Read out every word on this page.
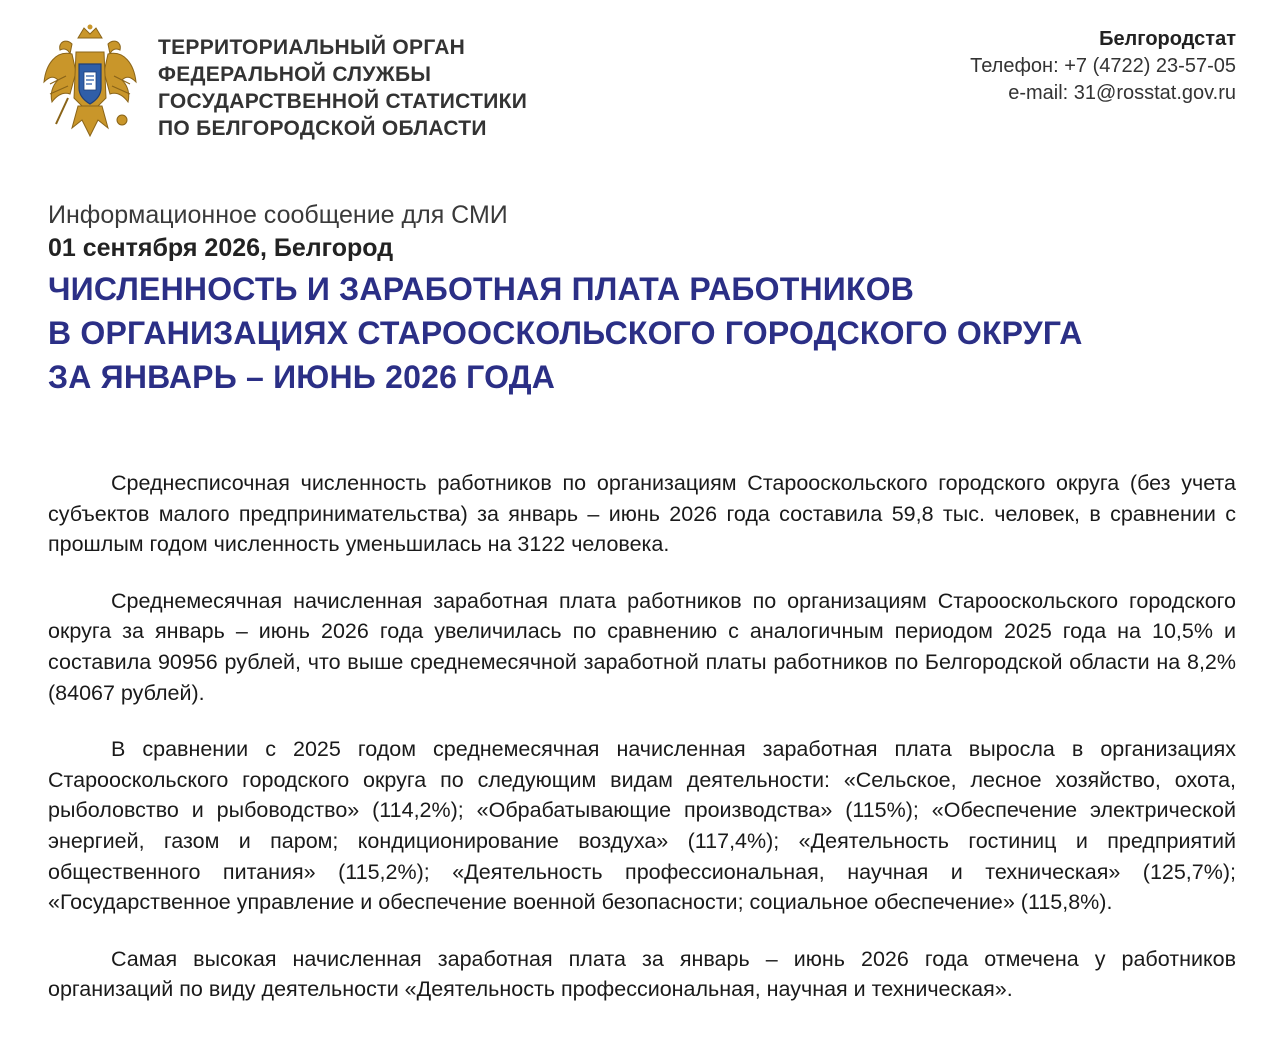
ТЕРРИТОРИАЛЬНЫЙ ОРГАН
ФЕДЕРАЛЬНОЙ СЛУЖБЫ
ГОСУДАРСТВЕННОЙ СТАТИСТИКИ
ПО БЕЛГОРОДСКОЙ ОБЛАСТИ
Белгородстат
Телефон: +7 (4722) 23-57-05
e-mail: 31@rosstat.gov.ru
Информационное сообщение для СМИ
01 сентября 2026, Белгород
ЧИСЛЕННОСТЬ И ЗАРАБОТНАЯ ПЛАТА РАБОТНИКОВ
В ОРГАНИЗАЦИЯХ СТАРООСКОЛЬСКОГО ГОРОДСКОГО ОКРУГА
ЗА ЯНВАРЬ – ИЮНЬ 2026 ГОДА

Среднесписочная численность работников по организациям Старооскольского городского округа (без учета субъектов малого предпринимательства) за январь – июнь 2026 года составила 59,8 тыс. человек, в сравнении с прошлым годом численность уменьшилась на 3122 человека.

Среднемесячная начисленная заработная плата работников по организациям Старооскольского городского округа за январь – июнь 2026 года увеличилась по сравнению с аналогичным периодом 2025 года на 10,5% и составила 90956 рублей, что выше среднемесячной заработной платы работников по Белгородской области на 8,2% (84067 рублей).

В сравнении с 2025 годом среднемесячная начисленная заработная плата выросла в организациях Старооскольского городского округа по следующим видам деятельности: «Сельское, лесное хозяйство, охота, рыболовство и рыбоводство» (114,2%); «Обрабатывающие производства» (115%); «Обеспечение электрической энергией, газом и паром; кондиционирование воздуха» (117,4%); «Деятельность гостиниц и предприятий общественного питания» (115,2%); «Деятельность профессиональная, научная и техническая» (125,7%); «Государственное управление и обеспечение военной безопасности; социальное обеспечение» (115,8%).

Самая высокая начисленная заработная плата за январь – июнь 2026 года отмечена у работников организаций по виду деятельности «Деятельность профессиональная, научная и техническая».
